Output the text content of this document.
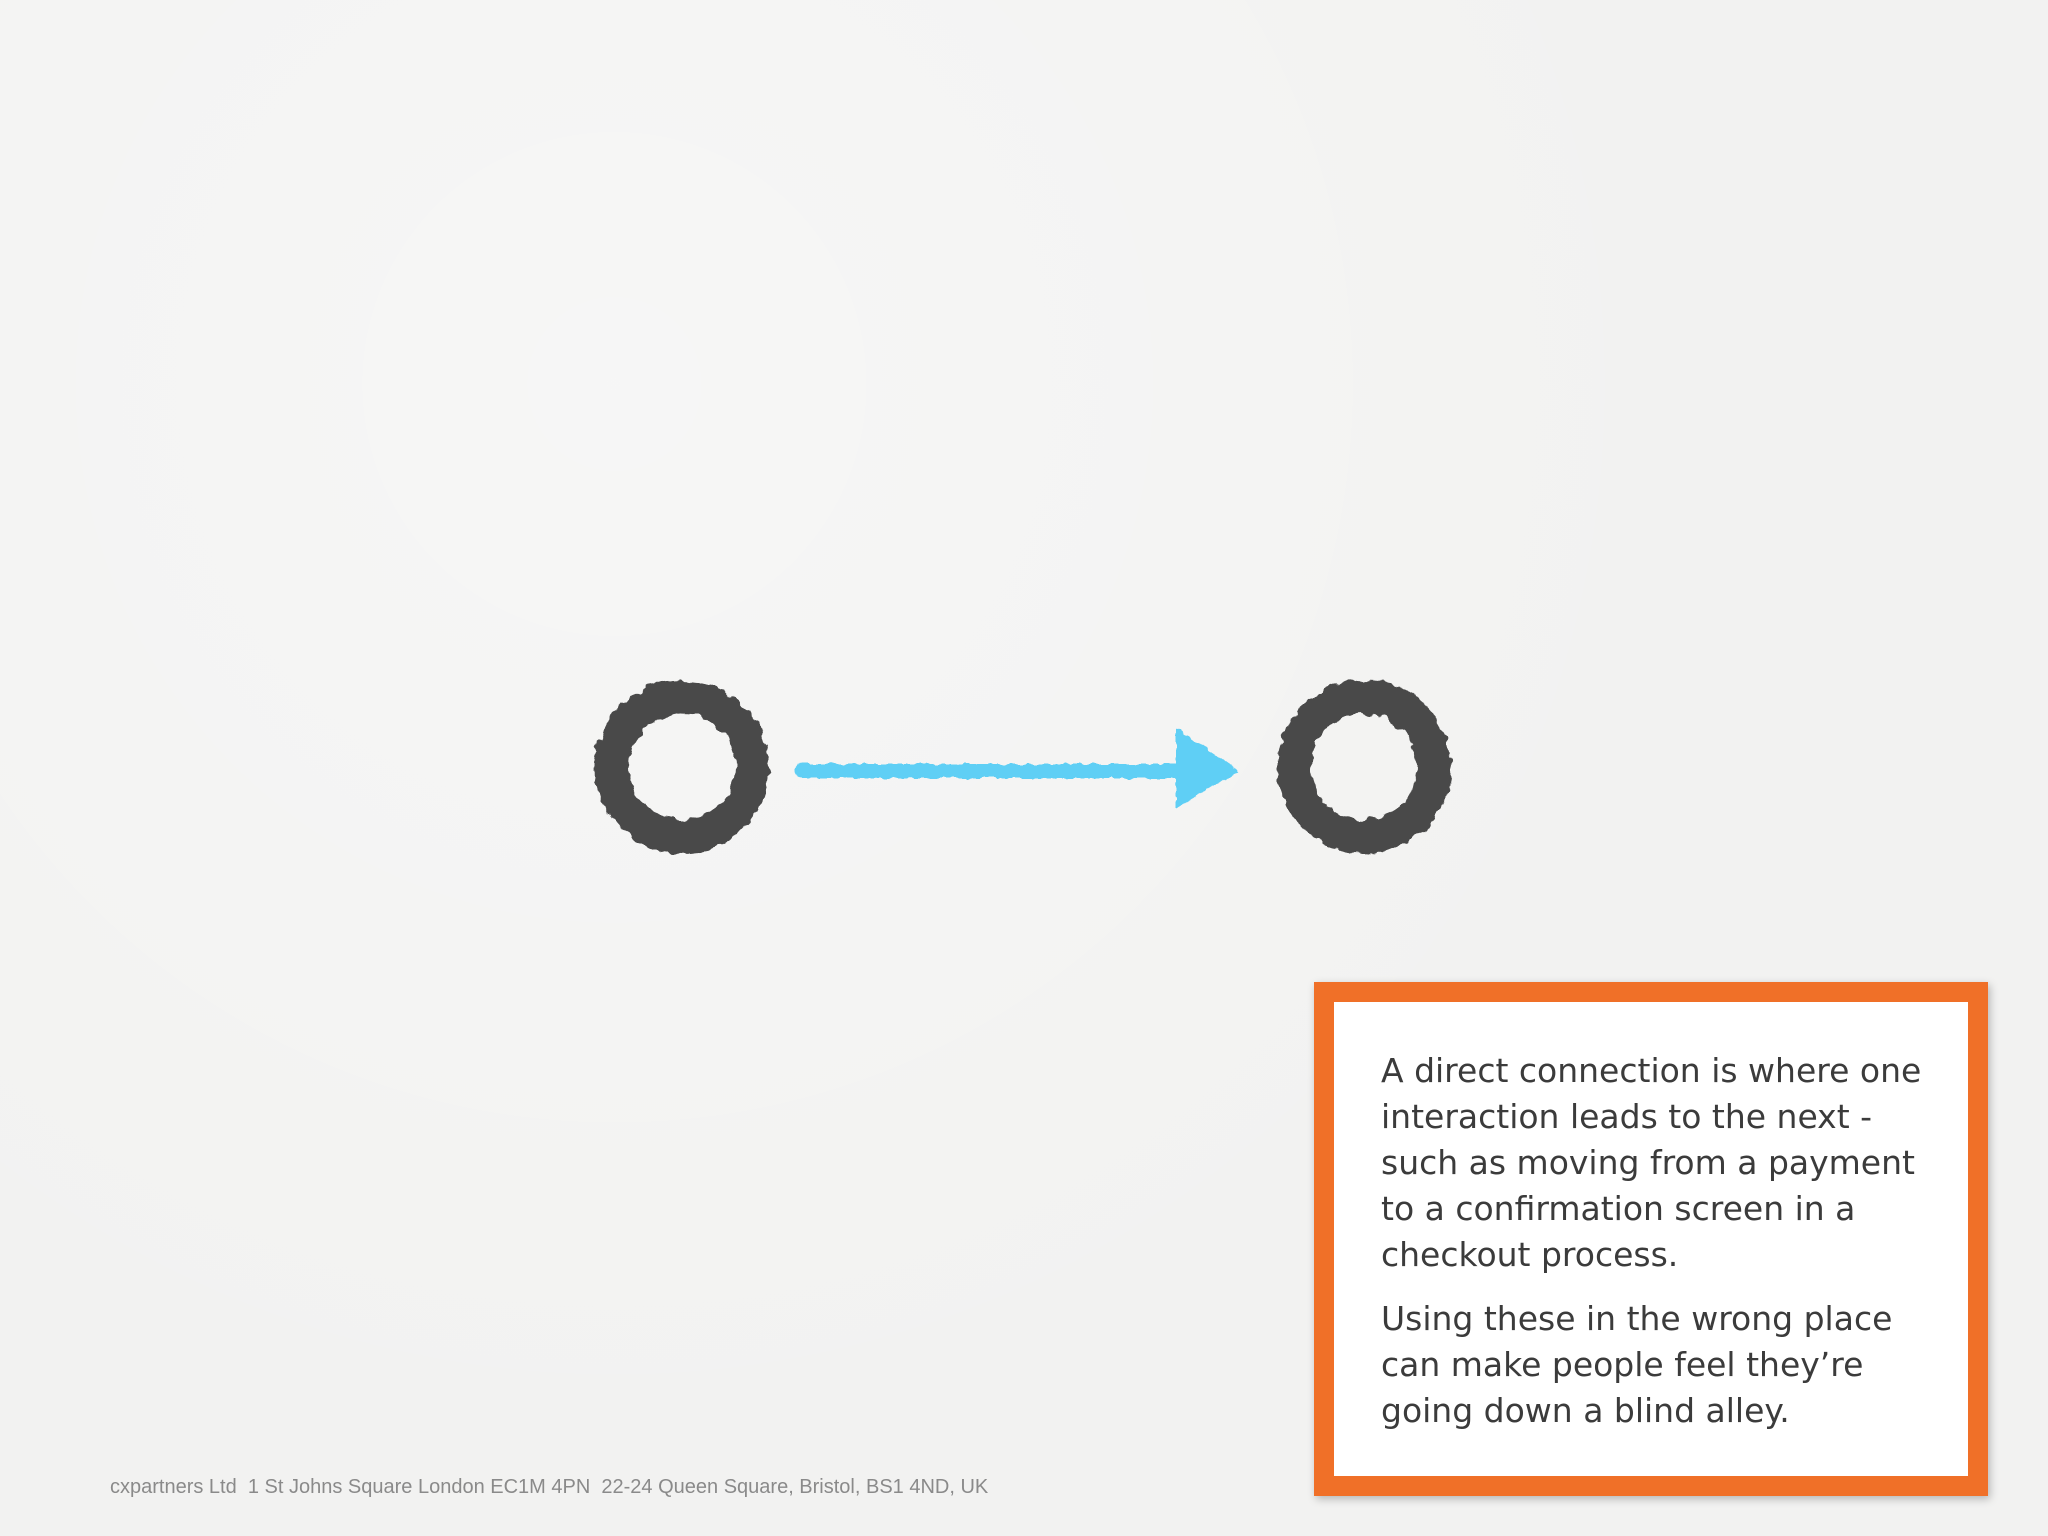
A direct connection is where one interaction leads to the next - such as moving from a payment to a confirmation screen in a checkout process.

Using these in the wrong place can make people feel they’re going down a blind alley.

cxpartners Ltd  1 St Johns Square London EC1M 4PN  22-24 Queen Square, Bristol, BS1 4ND, UK
